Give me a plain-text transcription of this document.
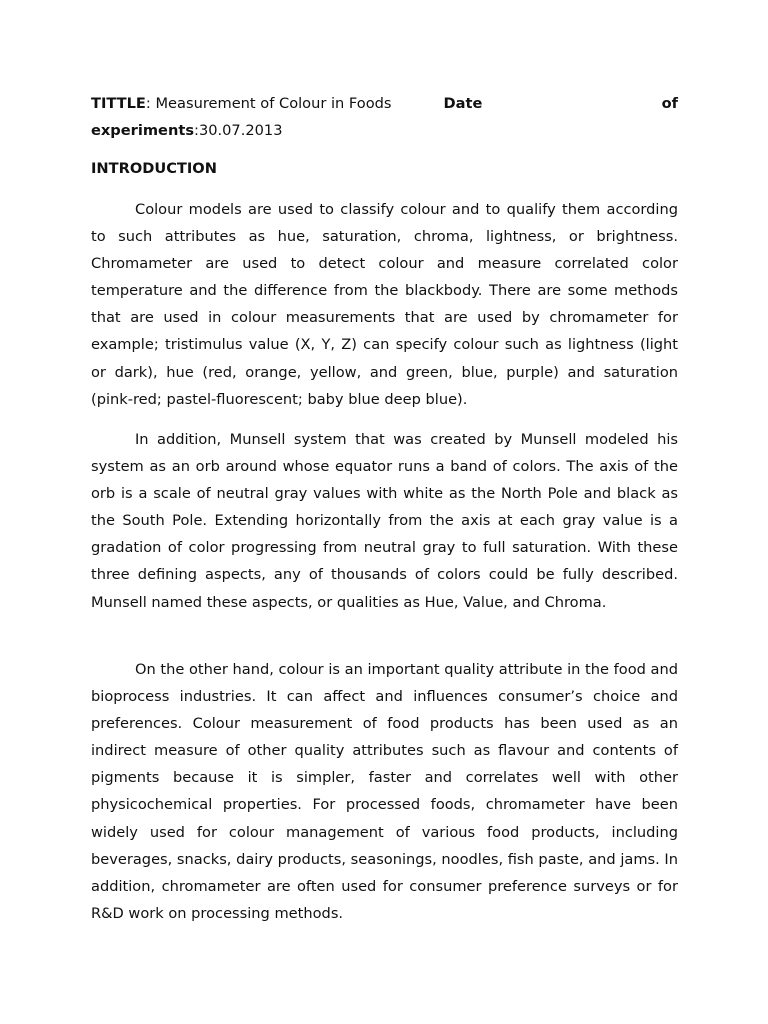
TITTLE: Measurement of Colour in Foods	Date	of
experiments:30.07.2013
INTRODUCTION

Colour models are used to classify colour and to qualify them according to such attributes as hue, saturation, chroma, lightness, or brightness. Chromameter are used to detect colour and measure correlated color temperature and the difference from the blackbody. There are some methods that are used in colour measurements that are used by chromameter for example; tristimulus value (X, Y, Z) can specify colour such as lightness (light or dark), hue (red, orange, yellow, and green, blue, purple) and saturation (pink-red; pastel-fluorescent; baby blue deep blue).

In addition, Munsell system that was created by Munsell modeled his system as an orb around whose equator runs a band of colors. The axis of the orb is a scale of neutral gray values with white as the North Pole and black as the South Pole. Extending horizontally from the axis at each gray value is a gradation of color progressing from neutral gray to full saturation. With these three defining aspects, any of thousands of colors could be fully described. Munsell named these aspects, or qualities as Hue, Value, and Chroma.

On the other hand, colour is an important quality attribute in the food and bioprocess industries. It can affect and influences consumer’s choice and preferences. Colour measurement of food products has been used as an indirect measure of other quality attributes such as flavour and contents of pigments because it is simpler, faster and correlates well with other physicochemical properties. For processed foods, chromameter have been widely used for colour management of various food products, including beverages, snacks, dairy products, seasonings, noodles, fish paste, and jams. In addition, chromameter are often used for consumer preference surveys or for R&D work on processing methods.
